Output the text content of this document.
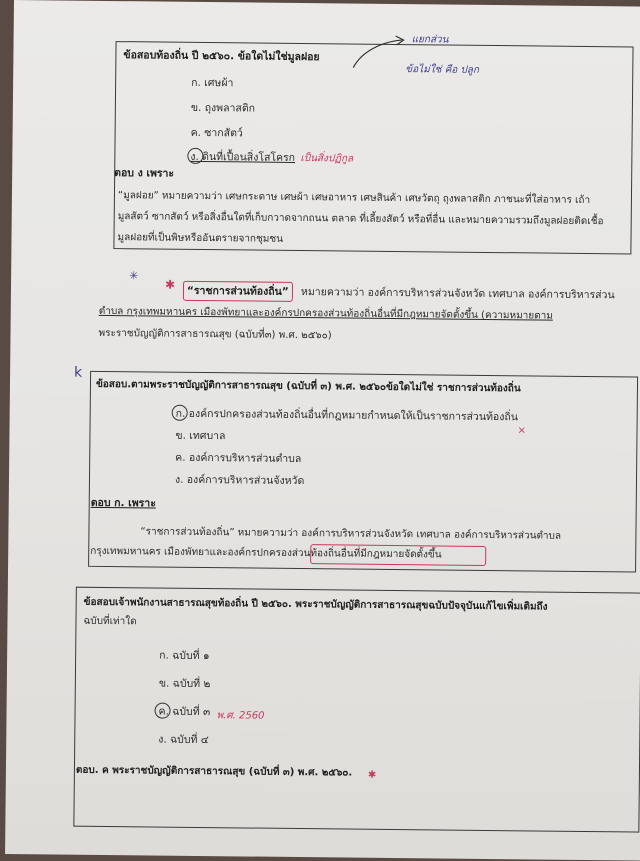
ข้อสอบท้องถิ่น ปี ๒๕๖๐. ข้อใดไม่ใช่มูลฝอย
ก. เศษผ้า
ข. ถุงพลาสติก
ค. ซากสัตว์
ง. ดินที่เปื้อนสิ่งโสโครก เป็นสิ่งปฏิกูล
ตอบ ง เพราะ
“มูลฝอย” หมายความว่า เศษกระดาษ เศษผ้า เศษอาหาร เศษสินค้า เศษวัตถุ ถุงพลาสติก ภาชนะที่ใส่อาหาร เถ้า
มูลสัตว์ ซากสัตว์ หรือสิ่งอื่นใดที่เก็บกวาดจากถนน ตลาด ที่เลี้ยงสัตว์ หรือที่อื่น และหมายความรวมถึงมูลฝอยติดเชื้อ
มูลฝอยที่เป็นพิษหรืออันตรายจากชุมชน
แยกส่วน
ข้อไม่ใช่ คือ ปลูก
✳︎
✱ “ราชการส่วนท้องถิ่น” หมายความว่า องค์การบริหารส่วนจังหวัด เทศบาล องค์การบริหารส่วน
ตำบล กรุงเทพมหานคร เมืองพัทยาและองค์กรปกครองส่วนท้องถิ่นอื่นที่มีกฎหมายจัดตั้งขึ้น (ความหมายตาม
พระราชบัญญัติการสาธารณสุข (ฉบับที่๓) พ.ศ. ๒๕๖๐)
k
ข้อสอบ.ตามพระราชบัญญัติการสาธารณสุข (ฉบับที่ ๓) พ.ศ. ๒๕๖๐ข้อใดไม่ใช่ ราชการส่วนท้องถิ่น
ก. องค์กรปกครองส่วนท้องถิ่นอื่นที่กฎหมายกำหนดให้เป็นราชการส่วนท้องถิ่น
×
ข. เทศบาล
ค. องค์การบริหารส่วนตำบล
ง. องค์การบริหารส่วนจังหวัด
ตอบ ก. เพราะ
“ราชการส่วนท้องถิ่น” หมายความว่า องค์การบริหารส่วนจังหวัด เทศบาล องค์การบริหารส่วนตำบล
กรุงเทพมหานคร เมืองพัทยาและองค์กรปกครองส่วนท้องถิ่นอื่นที่มีกฎหมายจัดตั้งขึ้น
ข้อสอบเจ้าพนักงานสาธารณสุขท้องถิ่น ปี ๒๕๖๐. พระราชบัญญัติการสาธารณสุขฉบับปัจจุบันแก้ไขเพิ่มเติมถึง
ฉบับที่เท่าใด
ก. ฉบับที่ ๑
ข. ฉบับที่ ๒
ค. ฉบับที่ ๓ พ.ศ. 2560
ง. ฉบับที่ ๔
ตอบ. ค พระราชบัญญัติการสาธารณสุข (ฉบับที่ ๓) พ.ศ. ๒๕๖๐. ✱
